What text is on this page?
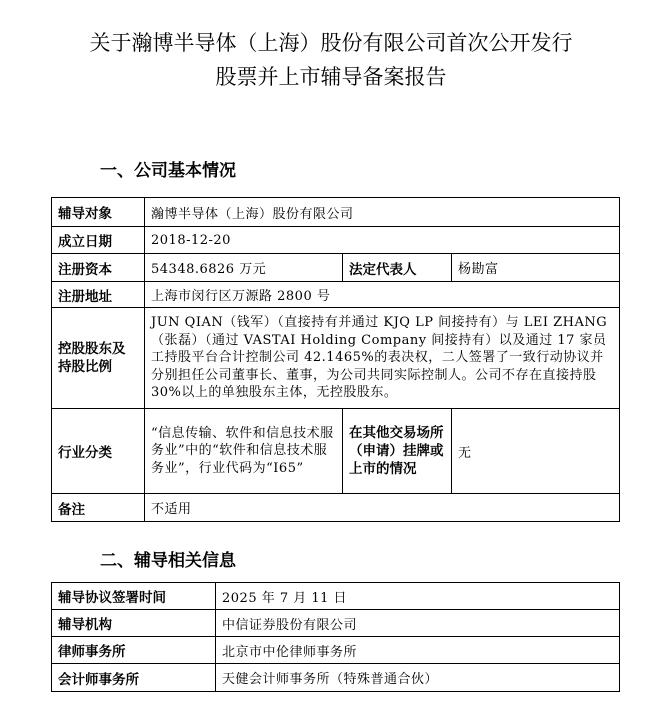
关于瀚博半导体（上海）股份有限公司首次公开发行
股票并上市辅导备案报告
一、公司基本情况
辅导对象	瀚博半导体（上海）股份有限公司		
成立日期	2018-12-20		
注册资本	54348.6826 万元	法定代表人	杨勘富
注册地址	上海市闵行区万源路 2800 号		
控股股东及持股比例	JUN QIAN（钱军）（直接持有并通过 KJQ LP 间接持有）与 LEI ZHANG（张磊）（通过 VASTAI Holding Company 间接持有）以及通过 17 家员工持股平台合计控制公司 42.1465%的表决权，二人签署了一致行动协议并分别担任公司董事长、董事，为公司共同实际控制人。公司不存在直接持股 30%以上的单独股东主体，无控股股东。		
行业分类	“信息传输、软件和信息技术服务业”中的“软件和信息技术服务业”，行业代码为“I65”	在其他交易场所（申请）挂牌或上市的情况	无
备注	不适用		
二、辅导相关信息
辅导协议签署时间	2025 年 7 月 11 日
辅导机构	中信证券股份有限公司
律师事务所	北京市中伦律师事务所
会计师事务所	天健会计师事务所（特殊普通合伙）
